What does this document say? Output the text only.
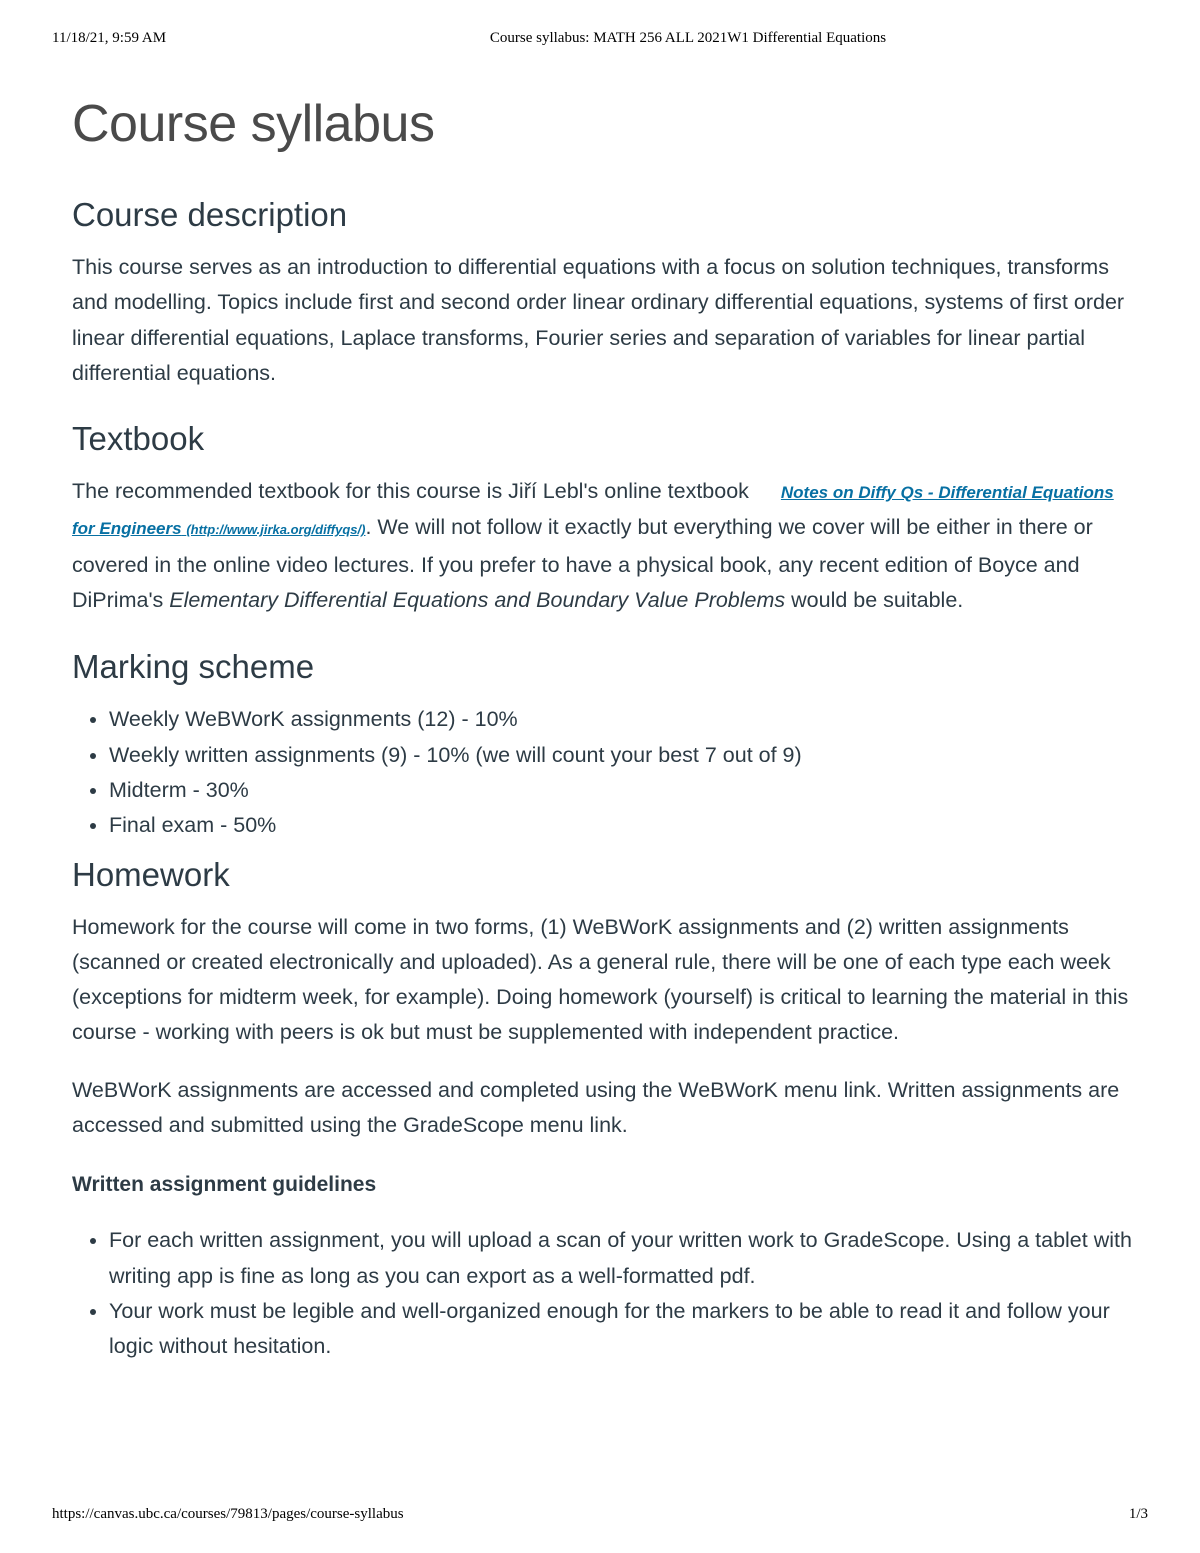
11/18/21, 9:59 AM	Course syllabus: MATH 256 ALL 2021W1 Differential Equations
Course syllabus
Course description

This course serves as an introduction to differential equations with a focus on solution techniques, transforms and modelling. Topics include first and second order linear ordinary differential equations, systems of first order linear differential equations, Laplace transforms, Fourier series and separation of variables for linear partial differential equations.

Textbook

The recommended textbook for this course is Jiří Lebl's online textbook Notes on Diffy Qs - Differential Equations for Engineers (http://www.jirka.org/diffyqs/). We will not follow it exactly but everything we cover will be either in there or covered in the online video lectures. If you prefer to have a physical book, any recent edition of Boyce and DiPrima's Elementary Differential Equations and Boundary Value Problems would be suitable.

Marking scheme
• Weekly WeBWorK assignments (12) - 10%
• Weekly written assignments (9) - 10% (we will count your best 7 out of 9)
• Midterm - 30%
• Final exam - 50%
Homework

Homework for the course will come in two forms, (1) WeBWorK assignments and (2) written assignments (scanned or created electronically and uploaded). As a general rule, there will be one of each type each week (exceptions for midterm week, for example). Doing homework (yourself) is critical to learning the material in this course - working with peers is ok but must be supplemented with independent practice.

WeBWorK assignments are accessed and completed using the WeBWorK menu link. Written assignments are accessed and submitted using the GradeScope menu link.

Written assignment guidelines
• For each written assignment, you will upload a scan of your written work to GradeScope. Using a tablet with writing app is fine as long as you can export as a well-formatted pdf.
• Your work must be legible and well-organized enough for the markers to be able to read it and follow your logic without hesitation.
https://canvas.ubc.ca/courses/79813/pages/course-syllabus	1/3
